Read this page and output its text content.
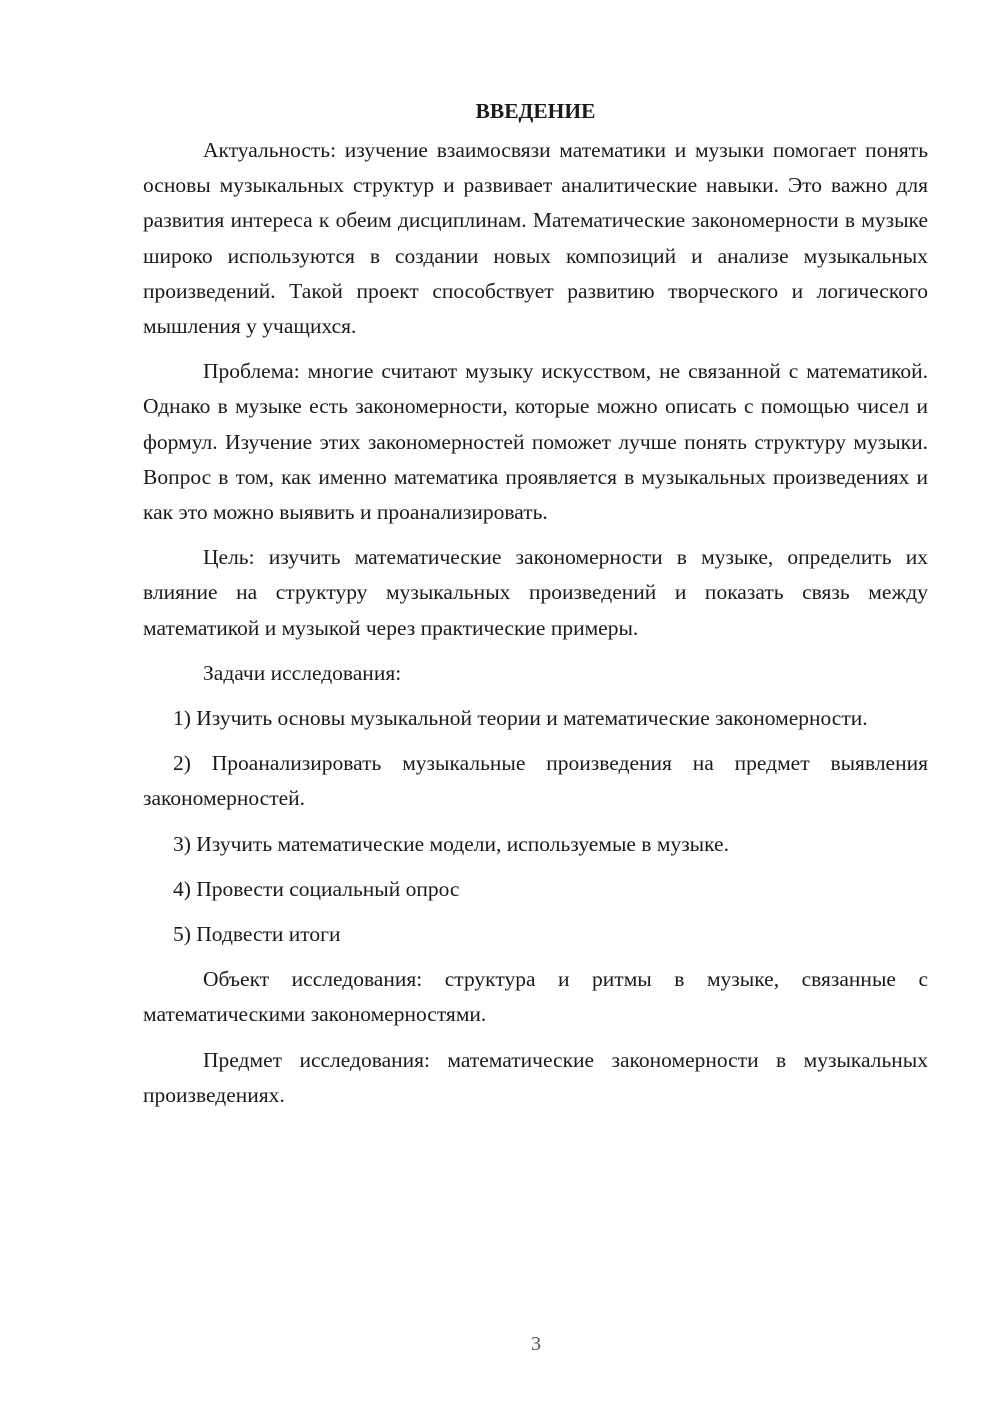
ВВЕДЕНИЕ

Актуальность: изучение взаимосвязи математики и музыки помогает понять основы музыкальных структур и развивает аналитические навыки. Это важно для развития интереса к обеим дисциплинам. Математические закономерности в музыке широко используются в создании новых композиций и анализе музыкальных произведений. Такой проект способствует развитию творческого и логического мышления у учащихся.

Проблема: многие считают музыку искусством, не связанной с математикой. Однако в музыке есть закономерности, которые можно описать с помощью чисел и формул. Изучение этих закономерностей поможет лучше понять структуру музыки. Вопрос в том, как именно математика проявляется в музыкальных произведениях и как это можно выявить и проанализировать.

Цель: изучить математические закономерности в музыке, определить их влияние на структуру музыкальных произведений и показать связь между математикой и музыкой через практические примеры.

Задачи исследования:

1) Изучить основы музыкальной теории и математические закономерности.

2) Проанализировать музыкальные произведения на предмет выявления закономерностей.

3) Изучить математические модели, используемые в музыке.

4) Провести социальный опрос

5) Подвести итоги

Объект исследования: структура и ритмы в музыке, связанные с математическими закономерностями.

Предмет исследования: математические закономерности в музыкальных произведениях.

3
